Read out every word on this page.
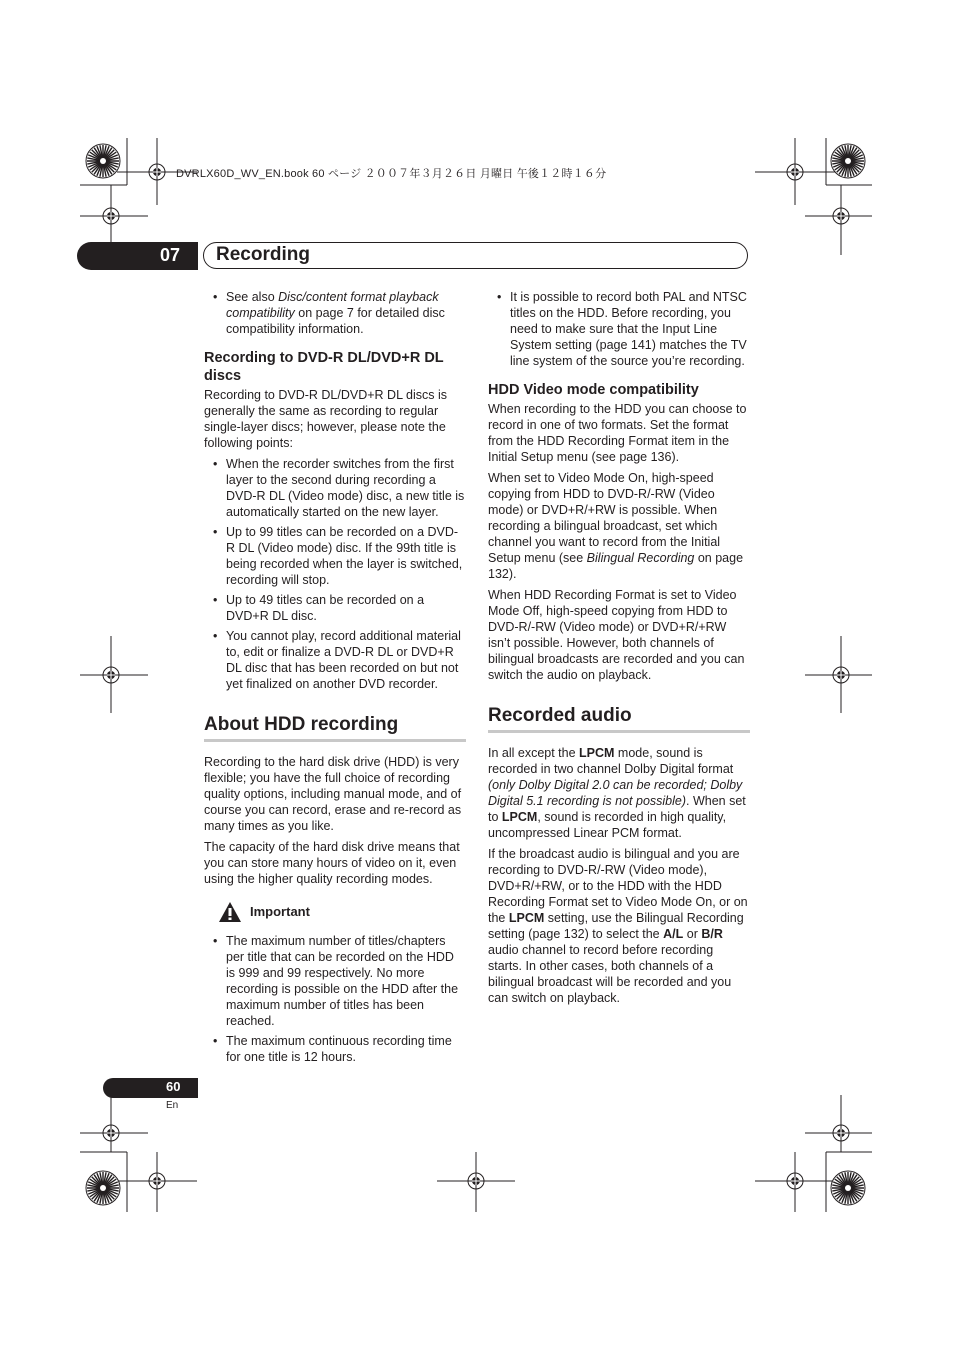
DVRLX60D_WV_EN.book 60 ページ ２００７年３月２６日 月曜日 午後１２時１６分
07 Recording
• See also Disc/content format playback compatibility on page 7 for detailed disc compatibility information.
Recording to DVD-R DL/DVD+R DL discs

Recording to DVD-R DL/DVD+R DL discs is generally the same as recording to regular single-layer discs; however, please note the following points:

• When the recorder switches from the first layer to the second during recording a DVD-R DL (Video mode) disc, a new title is automatically started on the new layer.
• Up to 99 titles can be recorded on a DVD-R DL (Video mode) disc. If the 99th title is being recorded when the layer is switched, recording will stop.
• Up to 49 titles can be recorded on a DVD+R DL disc.
• You cannot play, record additional material to, edit or finalize a DVD-R DL or DVD+R DL disc that has been recorded on but not yet finalized on another DVD recorder.
About HDD recording

Recording to the hard disk drive (HDD) is very flexible; you have the full choice of recording quality options, including manual mode, and of course you can record, erase and re-record as many times as you like.

The capacity of the hard disk drive means that you can store many hours of video on it, even using the higher quality recording modes.

Important
• The maximum number of titles/chapters per title that can be recorded on the HDD is 999 and 99 respectively. No more recording is possible on the HDD after the maximum number of titles has been reached.
• The maximum continuous recording time for one title is 12 hours.
• It is possible to record both PAL and NTSC titles on the HDD. Before recording, you need to make sure that the Input Line System setting (page 141) matches the TV line system of the source you’re recording.
HDD Video mode compatibility

When recording to the HDD you can choose to record in one of two formats. Set the format from the HDD Recording Format item in the Initial Setup menu (see page 136).

When set to Video Mode On, high-speed copying from HDD to DVD-R/-RW (Video mode) or DVD+R/+RW is possible. When recording a bilingual broadcast, set which channel you want to record from the Initial Setup menu (see Bilingual Recording on page 132).

When HDD Recording Format is set to Video Mode Off, high-speed copying from HDD to DVD-R/-RW (Video mode) or DVD+R/+RW isn’t possible. However, both channels of bilingual broadcasts are recorded and you can switch the audio on playback.

Recorded audio

In all except the LPCM mode, sound is recorded in two channel Dolby Digital format (only Dolby Digital 2.0 can be recorded; Dolby Digital 5.1 recording is not possible). When set to LPCM, sound is recorded in high quality, uncompressed Linear PCM format.

If the broadcast audio is bilingual and you are recording to DVD-R/-RW (Video mode), DVD+R/+RW, or to the HDD with the HDD Recording Format set to Video Mode On, or on the LPCM setting, use the Bilingual Recording setting (page 132) to select the A/L or B/R audio channel to record before recording starts. In other cases, both channels of a bilingual broadcast will be recorded and you can switch on playback.

60
En
